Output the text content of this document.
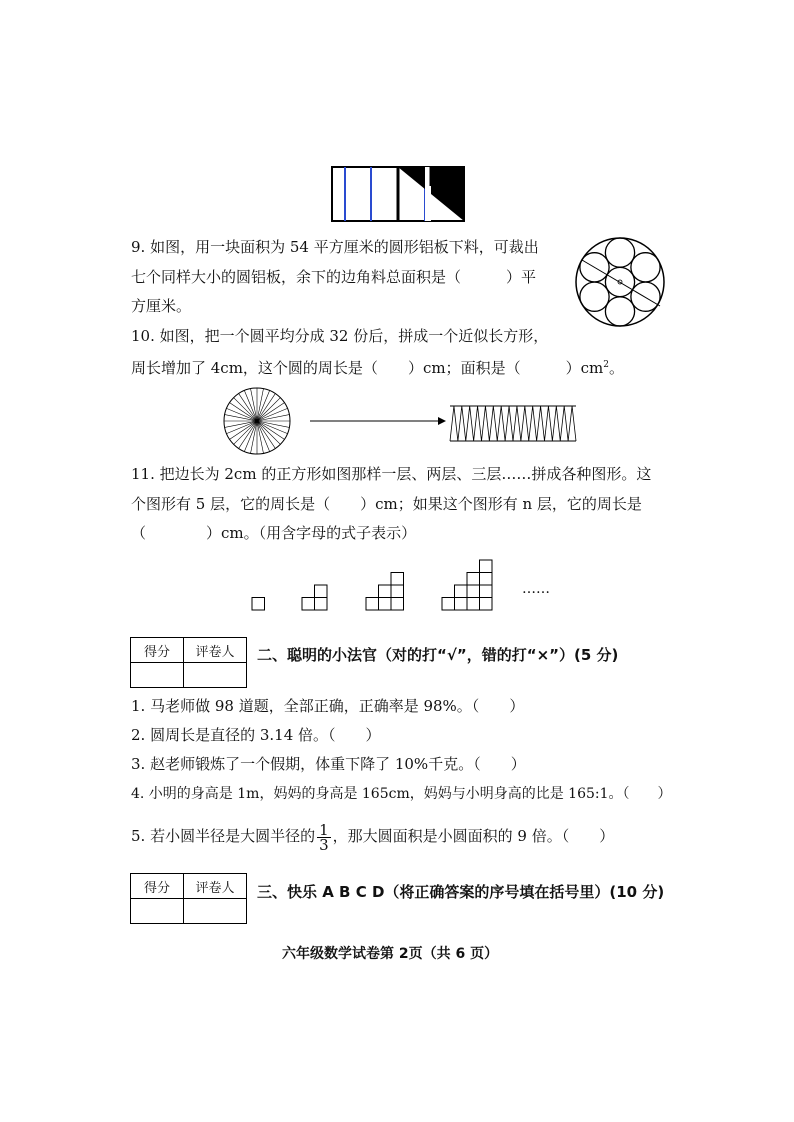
9. 如图，用一块面积为 54 平方厘米的圆形铝板下料，可裁出
七个同样大小的圆铝板，余下的边角料总面积是（　　　）平
方厘米。
10. 如图，把一个圆平均分成 32 份后，拼成一个近似长方形，
周长增加了 4cm，这个圆的周长是（　　）cm；面积是（　　　）$cm^2$。
11. 把边长为 2cm 的正方形如图那样一层、两层、三层……拼成各种图形。这
个图形有 5 层，它的周长是（　　）cm；如果这个图形有 n 层，它的周长是
（　　　　）cm。（用含字母的式子表示）
……
得分	评卷人
	二、聪明的小法官（对的打“√”，错的打“×”）(5 分)
1. 马老师做 98 道题，全部正确，正确率是 98%。（　　）
2. 圆周长是直径的 3.14 倍。（　　）
3. 赵老师锻炼了一个假期，体重下降了 10%千克。（　　）
4. 小明的身高是 1m，妈妈的身高是 165cm，妈妈与小明身高的比是 165:1。（　　）
5. 若小圆半径是大圆半径的 $\frac{1}{3}$ ，那大圆面积是小圆面积的 9 倍。（　　）
得分	评卷人
	三、快乐 A B C D（将正确答案的序号填在括号里）(10 分)
六年级数学试卷第 2页（共 6 页）
